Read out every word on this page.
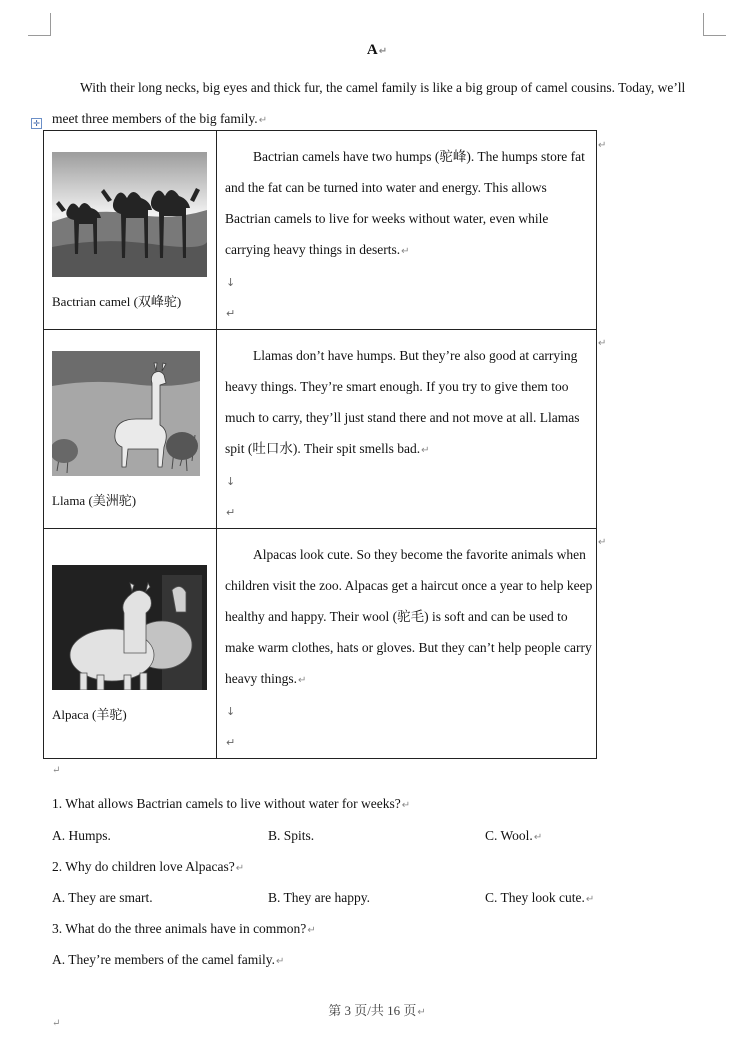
A↵
With their long necks, big eyes and thick fur, the camel family is like a big group of camel cousins. Today, we’ll meet three members of the big family.↵
✛
Bactrian camel (双峰驼)	Bactrian camels have two humps (驼峰). The humps store fat and the fat can be turned into water and energy. This allows Bactrian camels to live for weeks without water, even while carrying heavy things in deserts.↵
↓
↵

Llama (美洲驼)	Llamas don’t have humps. But they’re also good at carrying heavy things. They’re smart enough. If you try to give them too much to carry, they’ll just stand there and not move at all. Llamas spit (吐口水). Their spit smells bad.↵
↓
↵

Alpaca (羊驼)	Alpacas look cute. So they become the favorite animals when children visit the zoo. Alpacas get a haircut once a year to help keep healthy and happy. Their wool (驼毛) is soft and can be used to make warm clothes, hats or gloves. But they can’t help people carry heavy things.↵
↓
↵
↵
↵
↵
↵
1. What allows Bactrian camels to live without water for weeks?↵
A. Humps.	B. Spits.	C. Wool.↵
2. Why do children love Alpacas?↵
A. They are smart.	B. They are happy.	C. They look cute.↵
3. What do the three animals have in common?↵
A. They’re members of the camel family.↵
第 3 页/共 16 页↵
↵
